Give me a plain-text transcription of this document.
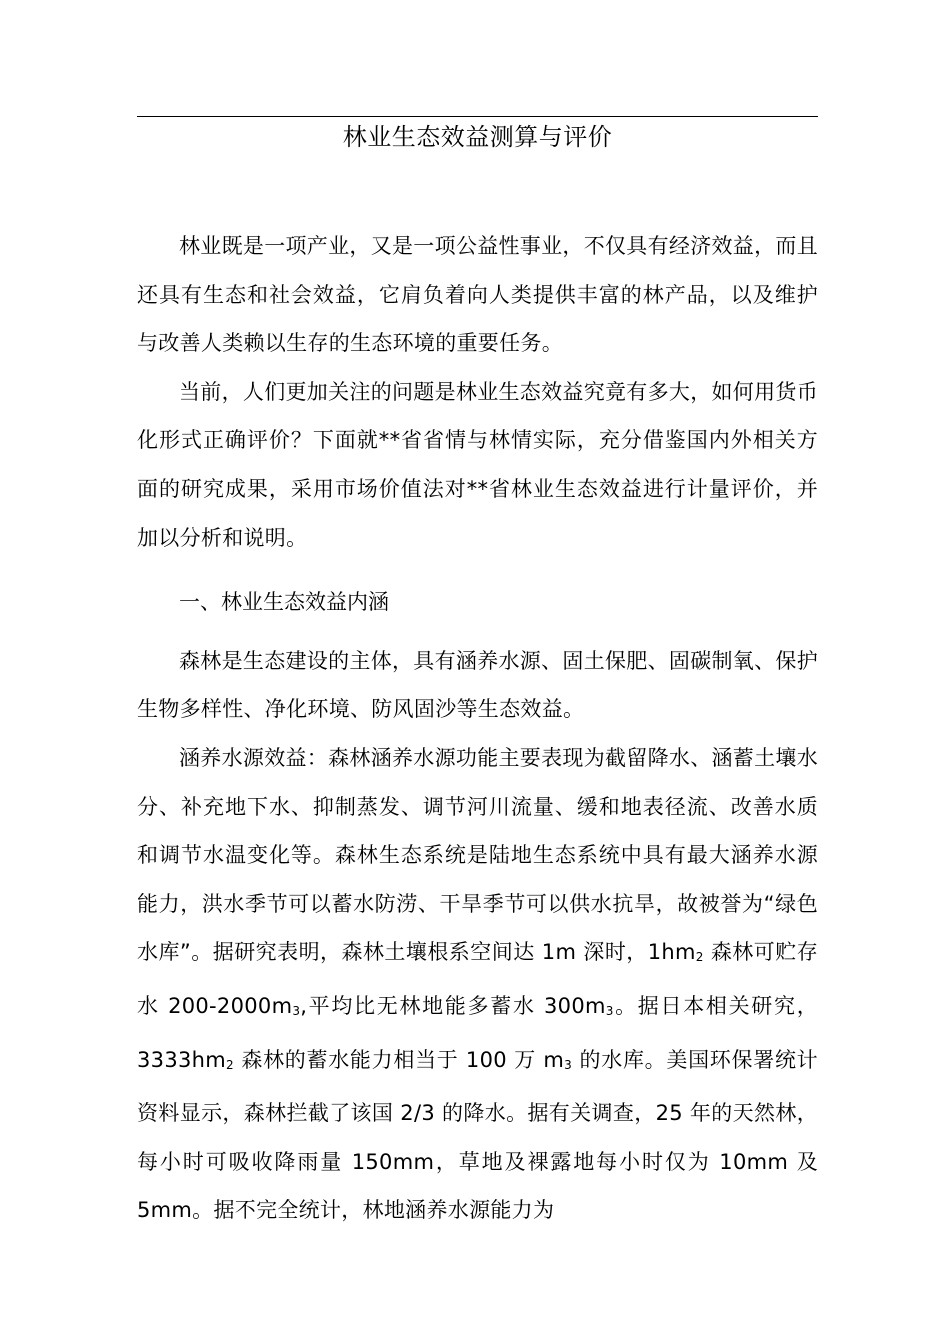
林业生态效益测算与评价

林业既是一项产业，又是一项公益性事业，不仅具有经济效益，而且还具有生态和社会效益，它肩负着向人类提供丰富的林产品，以及维护与改善人类赖以生存的生态环境的重要任务。

当前，人们更加关注的问题是林业生态效益究竟有多大，如何用货币化形式正确评价？下面就**省省情与林情实际，充分借鉴国内外相关方面的研究成果，采用市场价值法对**省林业生态效益进行计量评价，并加以分析和说明。

一、林业生态效益内涵

森林是生态建设的主体，具有涵养水源、固土保肥、固碳制氧、保护生物多样性、净化环境、防风固沙等生态效益。

涵养水源效益：森林涵养水源功能主要表现为截留降水、涵蓄土壤水分、补充地下水、抑制蒸发、调节河川流量、缓和地表径流、改善水质和调节水温变化等。森林生态系统是陆地生态系统中具有最大涵养水源能力，洪水季节可以蓄水防涝、干旱季节可以供水抗旱，故被誉为“绿色水库”。据研究表明，森林土壤根系空间达 1m 深时，1hm2 森林可贮存水 200-2000m3,平均比无林地能多蓄水 300m3。据日本相关研究，3333hm2 森林的蓄水能力相当于 100 万 m3 的水库。美国环保署统计资料显示，森林拦截了该国 2/3 的降水。据有关调查，25 年的天然林，每小时可吸收降雨量 150mm，草地及裸露地每小时仅为 10mm 及 5mm。据不完全统计，林地涵养水源能力为
